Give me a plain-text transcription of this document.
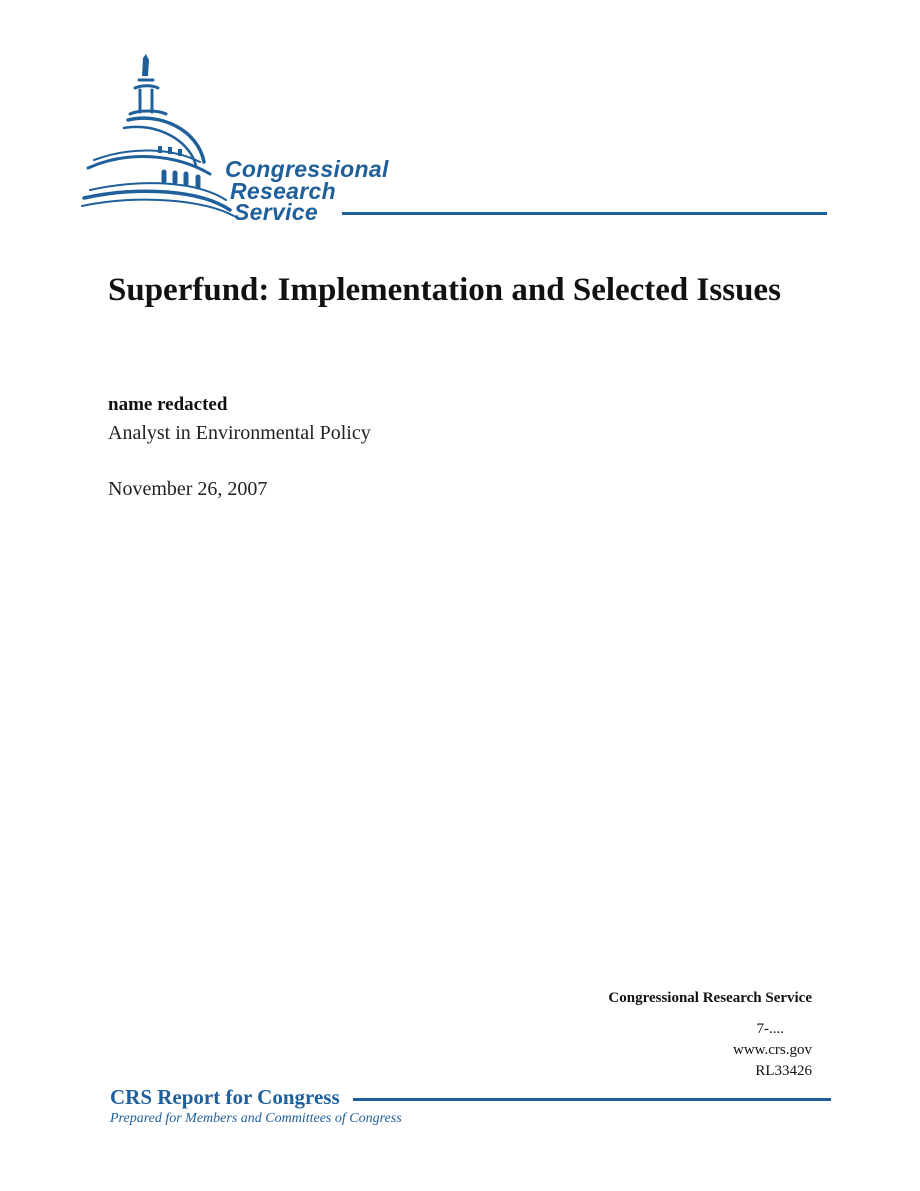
Congressional
Research
Service
Superfund: Implementation and Selected Issues
name redacted
Analyst in Environmental Policy
November 26, 2007
Congressional Research Service
7-....
www.crs.gov
RL33426
CRS Report for Congress
Prepared for Members and Committees of Congress
